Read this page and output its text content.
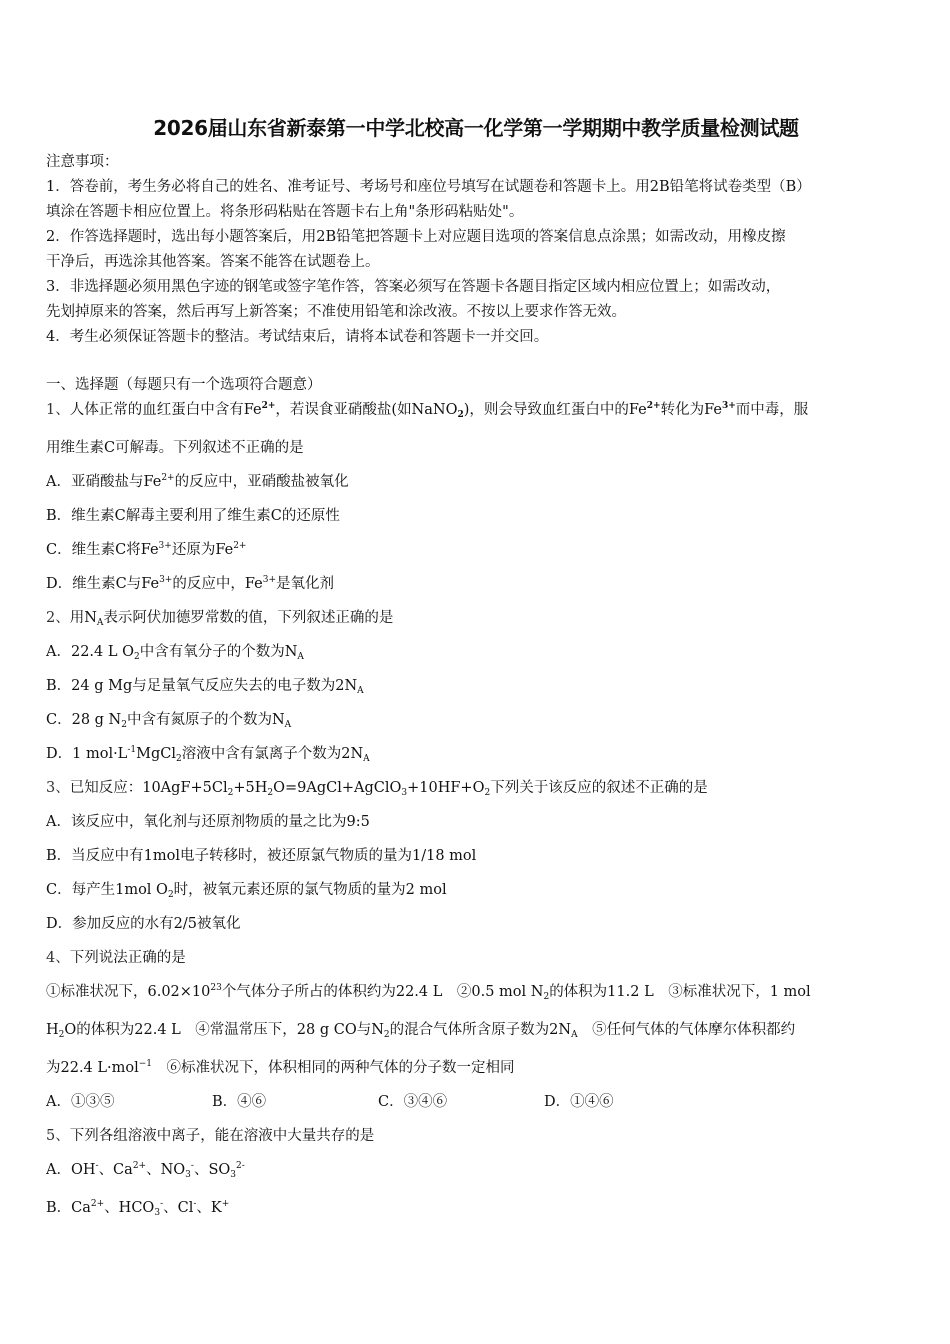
2026届山东省新泰第一中学北校高一化学第一学期期中教学质量检测试题

注意事项：

1．答卷前，考生务必将自己的姓名、准考证号、考场号和座位号填写在试题卷和答题卡上。用2B铅笔将试卷类型（B）

填涂在答题卡相应位置上。将条形码粘贴在答题卡右上角"条形码粘贴处"。

2．作答选择题时，选出每小题答案后，用2B铅笔把答题卡上对应题目选项的答案信息点涂黑；如需改动，用橡皮擦

干净后，再选涂其他答案。答案不能答在试题卷上。

3．非选择题必须用黑色字迹的钢笔或签字笔作答，答案必须写在答题卡各题目指定区域内相应位置上；如需改动，

先划掉原来的答案，然后再写上新答案；不准使用铅笔和涂改液。不按以上要求作答无效。

4．考生必须保证答题卡的整洁。考试结束后，请将本试卷和答题卡一并交回。

一、选择题（每题只有一个选项符合题意）
1、人体正常的血红蛋白中含有$Fe^{2+}$，若误食亚硝酸盐(如NaNO$_2$)，则会导致血红蛋白中的$Fe^{2+}$转化为$Fe^{3+}$而中毒，服
用维生素C可解毒。下列叙述不正确的是
A．亚硝酸盐与$Fe^{2+}$的反应中，亚硝酸盐被氧化
B．维生素C解毒主要利用了维生素C的还原性
C．维生素C将$Fe^{3+}$还原为$Fe^{2+}$
D．维生素C与$Fe^{3+}$的反应中，$Fe^{3+}$是氧化剂
2、用$N_A$表示阿伏加德罗常数的值，下列叙述正确的是
A．22.4 L $O_2$中含有氧分子的个数为$N_A$
B．24 g Mg与足量氧气反应失去的电子数为$2N_A$
C．28 g $N_2$中含有氮原子的个数为$N_A$
D．1 $mol\cdot L^{-1}MgCl_2$溶液中含有氯离子个数为$2N_A$
3、已知反应：$10AgF+5Cl_2+5H_2O=9AgCl+AgClO_3+10HF+O_2$下列关于该反应的叙述不正确的是
A．该反应中，氧化剂与还原剂物质的量之比为9:5
B．当反应中有1mol电子转移时，被还原氯气物质的量为1/18 mol
C．每产生1mol $O_2$时，被氧元素还原的氯气物质的量为2 mol
D．参加反应的水有2/5被氧化
4、下列说法正确的是
①标准状况下，$6.02\times 10^{23}$个气体分子所占的体积约为22.4 L　②0.5 mol $N_2$的体积为11.2 L　③标准状况下，1 mol
$H_2O$的体积为22.4 L　④常温常压下，28 g CO与$N_2$的混合气体所含原子数为$2N_A$　⑤任何气体的气体摩尔体积都约
为22.4 L·mol$^{-1}$　⑥标准状况下，体积相同的两种气体的分子数一定相同
A．①③⑤	B．④⑥	C．③④⑥	D．①④⑥
5、下列各组溶液中离子，能在溶液中大量共存的是
A．OH-、$Ca^{2+}$、$NO_3^-$、$SO_3^{2-}$
B．$Ca^{2+}$、$HCO_3^-$、Cl-、K+
